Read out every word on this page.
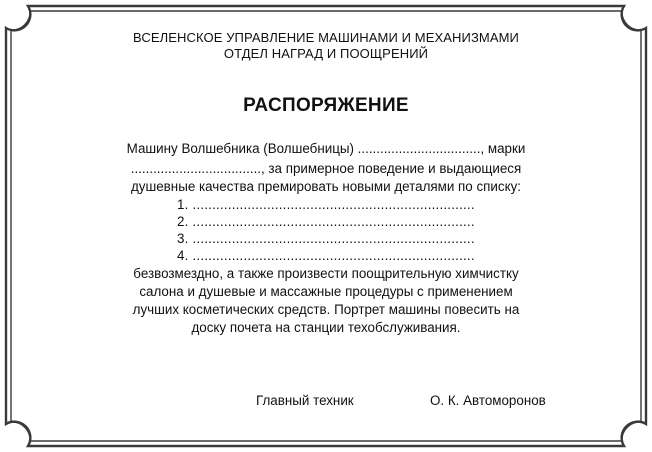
ВСЕЛЕНСКОЕ УПРАВЛЕНИЕ МАШИНАМИ И МЕХАНИЗМАМИ
ОТДЕЛ НАГРАД И ПООЩРЕНИЙ
РАСПОРЯЖЕНИЕ
Машину Волшебника (Волшебницы) ................................., марки
..................................., за примерное поведение и выдающиеся
душевные качества премировать новыми деталями по списку:
1. ........................................................................
2. ........................................................................
3. ........................................................................
4. ........................................................................
безвозмездно, а также произвести поощрительную химчистку
салона и душевые и массажные процедуры с применением
лучших косметических средств. Портрет машины повесить на
доску почета на станции техобслуживания.
Главный техник	О. К. Автоморонов
